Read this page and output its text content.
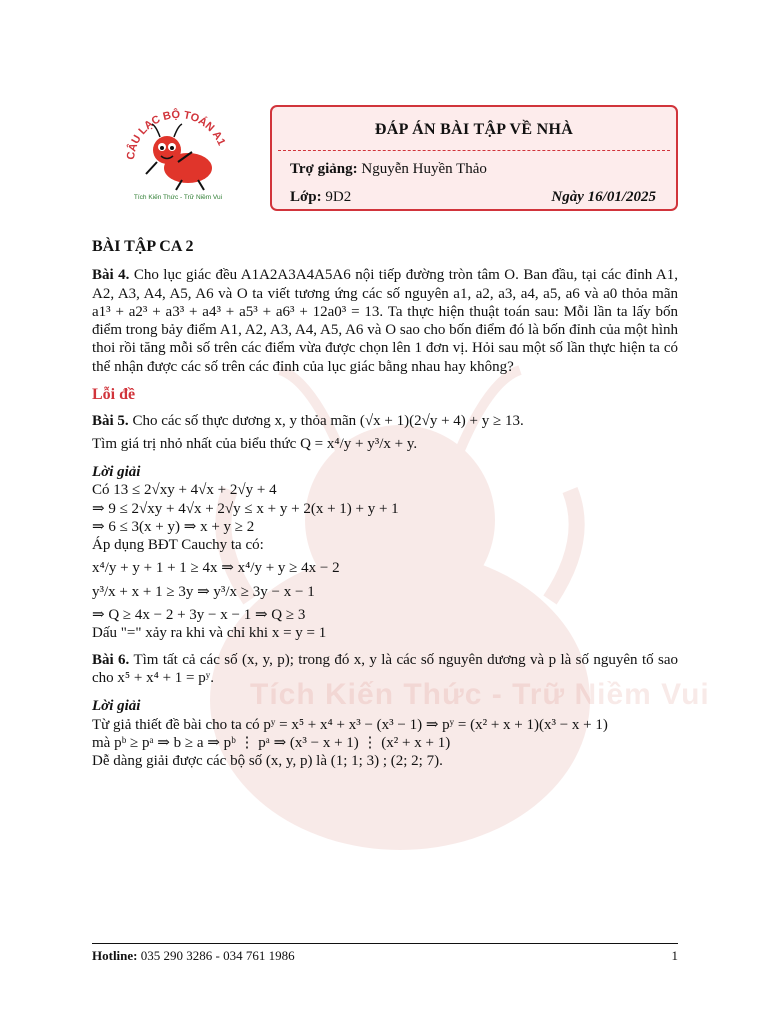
Tích Kiến Thức - Trữ Niềm Vui
CÂU LẠC BỘ TOÁN A1
Tích Kiến Thức - Trữ Niềm Vui
ĐÁP ÁN BÀI TẬP VỀ NHÀ
Trợ giảng: Nguyễn Huyền Thảo
Lớp: 9D2	Ngày 16/01/2025
BÀI TẬP CA 2

Bài 4. Cho lục giác đều A1A2A3A4A5A6 nội tiếp đường tròn tâm O. Ban đầu, tại các đỉnh A1, A2, A3, A4, A5, A6 và O ta viết tương ứng các số nguyên a1, a2, a3, a4, a5, a6 và a0 thỏa mãn a1³ + a2³ + a3³ + a4³ + a5³ + a6³ + 12a0³ = 13. Ta thực hiện thuật toán sau: Mỗi lần ta lấy bốn điểm trong bảy điểm A1, A2, A3, A4, A5, A6 và O sao cho bốn điểm đó là bốn đỉnh của một hình thoi rồi tăng mỗi số trên các điểm vừa được chọn lên 1 đơn vị. Hỏi sau một số lần thực hiện ta có thể nhận được các số trên các đỉnh của lục giác bằng nhau hay không?

Lỗi đề

Bài 5. Cho các số thực dương x, y thỏa mãn (√x + 1)(2√y + 4) + y ≥ 13.

Tìm giá trị nhỏ nhất của biểu thức Q = x⁴/y + y³/x + y.
Lời giải
Có 13 ≤ 2√xy + 4√x + 2√y + 4
⇒ 9 ≤ 2√xy + 4√x + 2√y ≤ x + y + 2(x + 1) + y + 1
⇒ 6 ≤ 3(x + y) ⇒ x + y ≥ 2
Áp dụng BĐT Cauchy ta có:
x⁴/y + y + 1 + 1 ≥ 4x ⇒ x⁴/y + y ≥ 4x − 2
y³/x + x + 1 ≥ 3y ⇒ y³/x ≥ 3y − x − 1
⇒ Q ≥ 4x − 2 + 3y − x − 1 ⇒ Q ≥ 3
Dấu "=" xảy ra khi và chỉ khi x = y = 1

Bài 6. Tìm tất cả các số (x, y, p); trong đó x, y là các số nguyên dương và p là số nguyên tố sao cho x⁵ + x⁴ + 1 = pʸ.

Lời giải
Từ giả thiết đề bài cho ta có pʸ = x⁵ + x⁴ + x³ − (x³ − 1) ⇒ pʸ = (x² + x + 1)(x³ − x + 1)
mà pᵇ ≥ pᵃ ⇒ b ≥ a ⇒ pᵇ ⋮ pᵃ ⇒ (x³ − x + 1) ⋮ (x² + x + 1)
Dễ dàng giải được các bộ số (x, y, p) là (1; 1; 3) ; (2; 2; 7).
Hotline: 035 290 3286 - 034 761 1986	1
